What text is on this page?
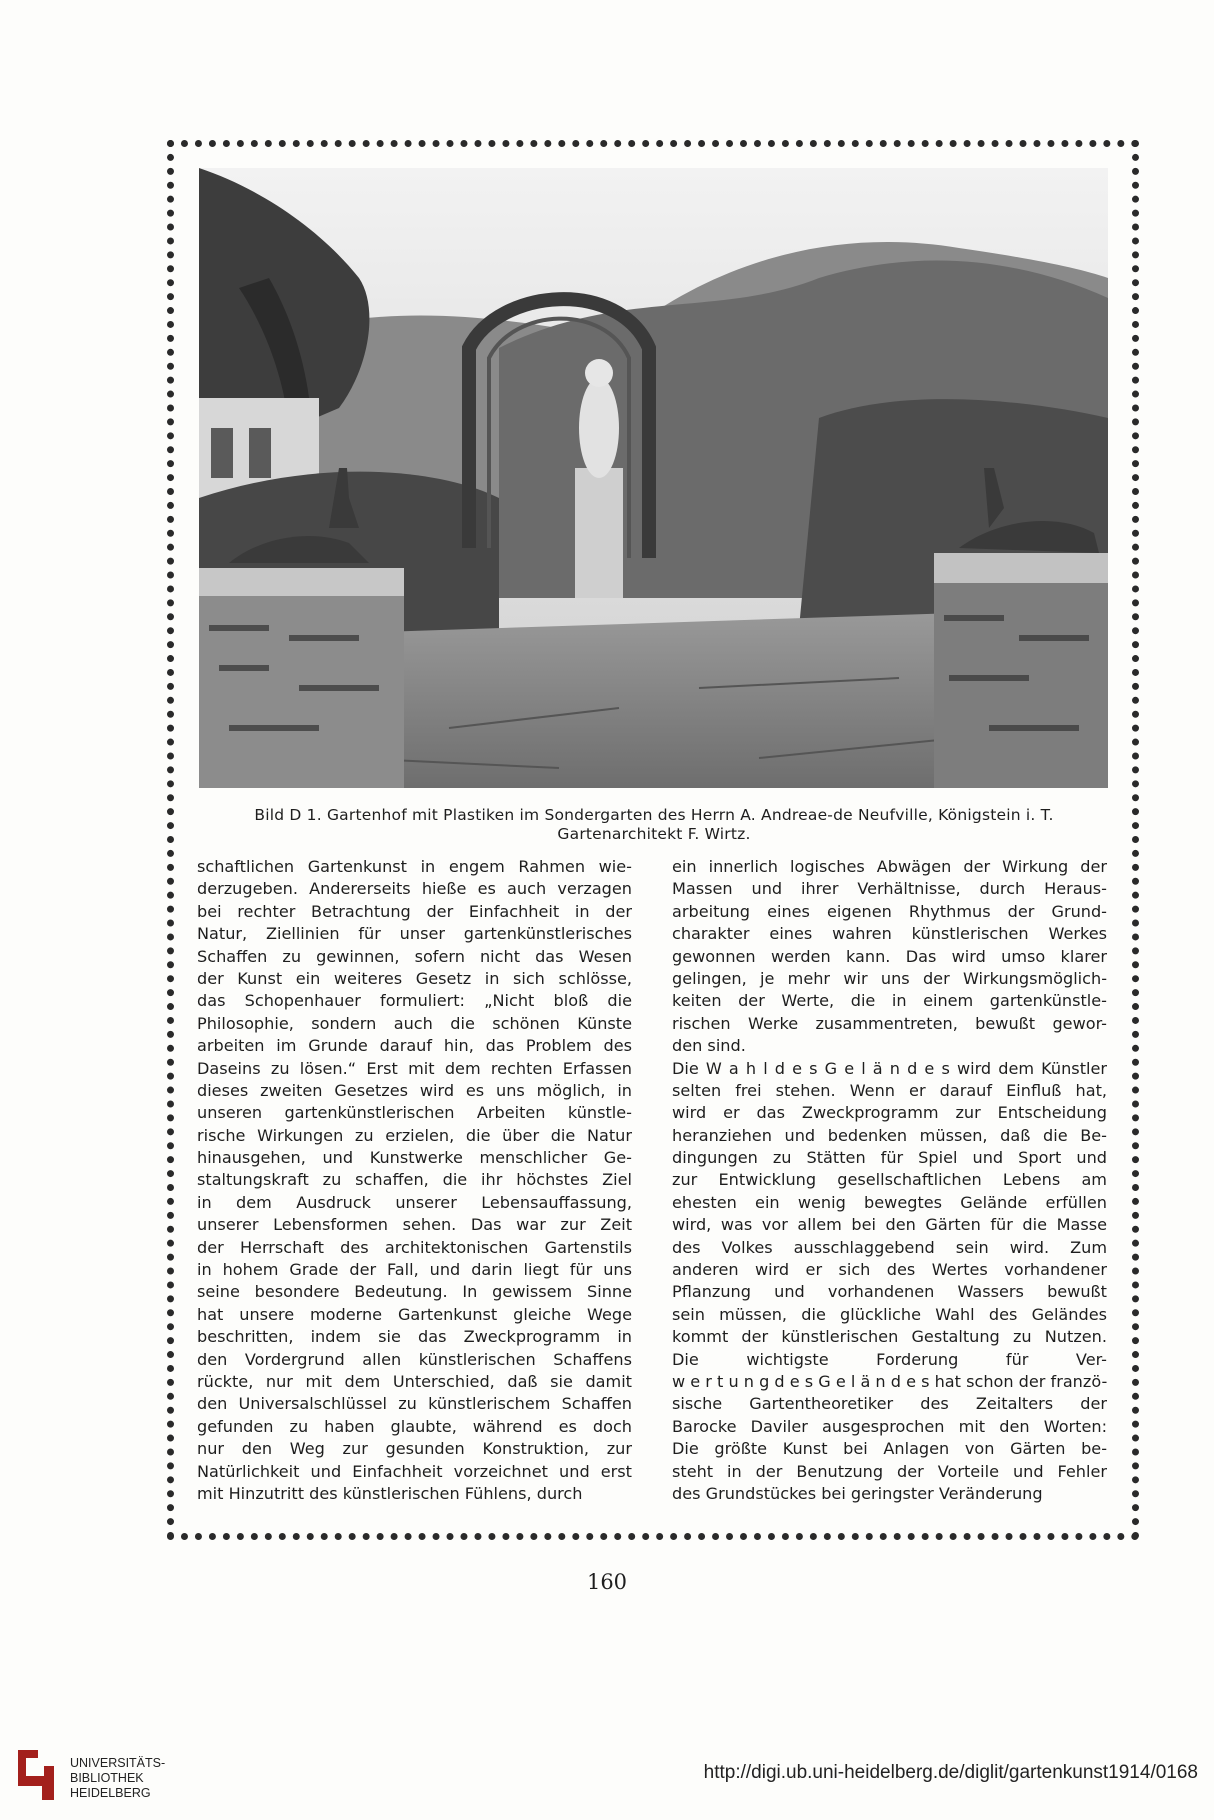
Bild D 1. Gartenhof mit Plastiken im Sondergarten des Herrn A. Andreae-de Neufville, Königstein i. T.
Gartenarchitekt F. Wirtz.
schaftlichen Gartenkunst in engem Rahmen wie-
derzugeben. Andererseits hieße es auch verzagen
bei rechter Betrachtung der Einfachheit in der
Natur, Ziellinien für unser gartenkünstlerisches
Schaffen zu gewinnen, sofern nicht das Wesen
der Kunst ein weiteres Gesetz in sich schlösse,
das Schopenhauer formuliert: „Nicht bloß die
Philosophie, sondern auch die schönen Künste
arbeiten im Grunde darauf hin, das Problem des
Daseins zu lösen.“ Erst mit dem rechten Erfassen
dieses zweiten Gesetzes wird es uns möglich, in
unseren gartenkünstlerischen Arbeiten künstle-
rische Wirkungen zu erzielen, die über die Natur
hinausgehen, und Kunstwerke menschlicher Ge-
staltungskraft zu schaffen, die ihr höchstes Ziel
in dem Ausdruck unserer Lebensauffassung,
unserer Lebensformen sehen. Das war zur Zeit
der Herrschaft des architektonischen Gartenstils
in hohem Grade der Fall, und darin liegt für uns
seine besondere Bedeutung. In gewissem Sinne
hat unsere moderne Gartenkunst gleiche Wege
beschritten, indem sie das Zweckprogramm in
den Vordergrund allen künstlerischen Schaffens
rückte, nur mit dem Unterschied, daß sie damit
den Universalschlüssel zu künstlerischem Schaffen
gefunden zu haben glaubte, während es doch
nur den Weg zur gesunden Konstruktion, zur
Natürlichkeit und Einfachheit vorzeichnet und erst
mit Hinzutritt des künstlerischen Fühlens, durch
ein innerlich logisches Abwägen der Wirkung der
Massen und ihrer Verhältnisse, durch Heraus-
arbeitung eines eigenen Rhythmus der Grund-
charakter eines wahren künstlerischen Werkes
gewonnen werden kann. Das wird umso klarer
gelingen, je mehr wir uns der Wirkungsmöglich-
keiten der Werte, die in einem gartenkünstle-
rischen Werke zusammentreten, bewußt gewor-
den sind.
Die W a h l d e s G e l ä n d e s wird dem Künstler
selten frei stehen. Wenn er darauf Einfluß hat,
wird er das Zweckprogramm zur Entscheidung
heranziehen und bedenken müssen, daß die Be-
dingungen zu Stätten für Spiel und Sport und
zur Entwicklung gesellschaftlichen Lebens am
ehesten ein wenig bewegtes Gelände erfüllen
wird, was vor allem bei den Gärten für die Masse
des Volkes ausschlaggebend sein wird. Zum
anderen wird er sich des Wertes vorhandener
Pflanzung und vorhandenen Wassers bewußt
sein müssen, die glückliche Wahl des Geländes
kommt der künstlerischen Gestaltung zu Nutzen.
Die wichtigste Forderung für Ver-
w e r t u n g d e s G e l ä n d e s hat schon der franzö-
sische Gartentheoretiker des Zeitalters der
Barocke Daviler ausgesprochen mit den Worten:
Die größte Kunst bei Anlagen von Gärten be-
steht in der Benutzung der Vorteile und Fehler
des Grundstückes bei geringster Veränderung
160
UNIVERSITÄTS-
BIBLIOTHEK
HEIDELBERG
http://digi.ub.uni-heidelberg.de/diglit/gartenkunst1914/0168
